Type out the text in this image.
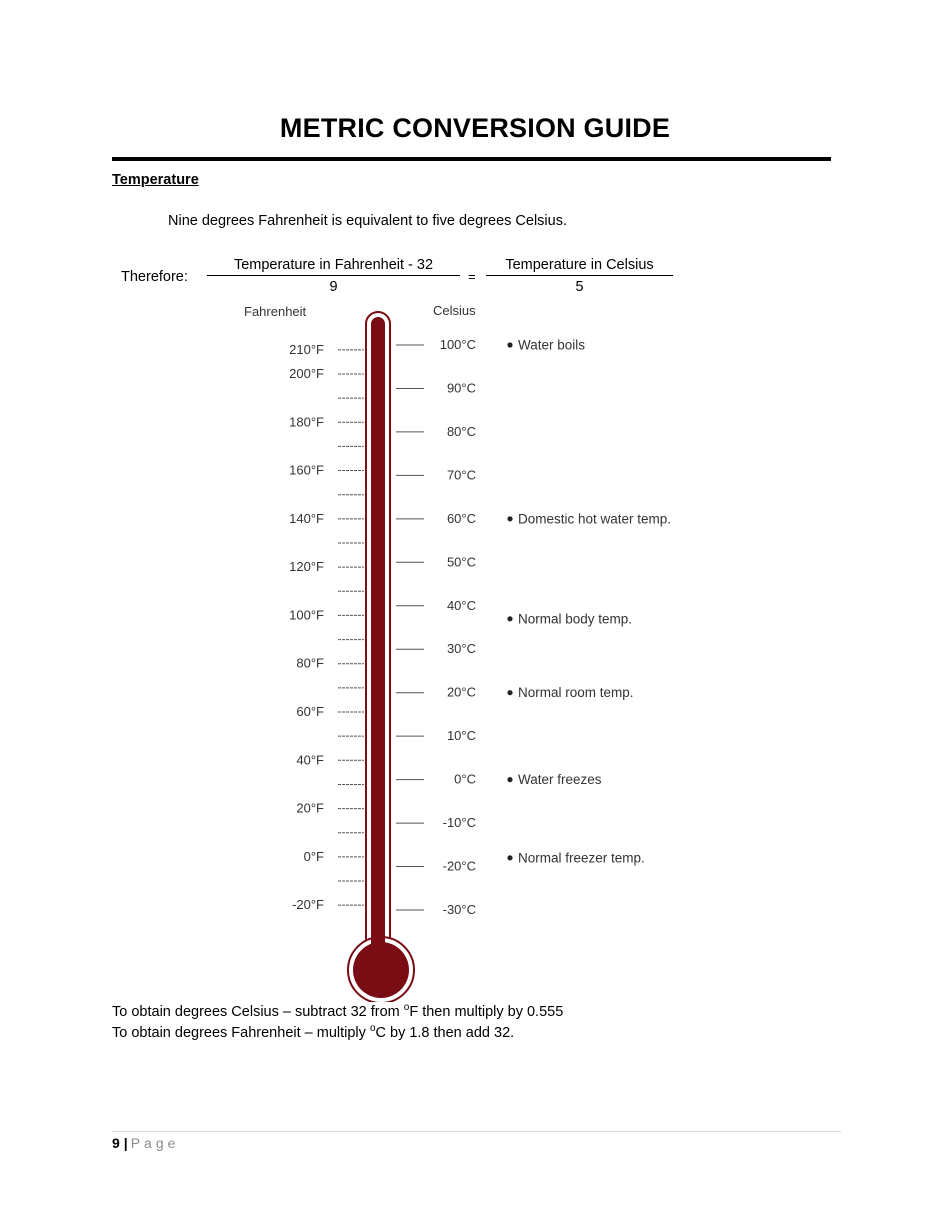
METRIC CONVERSION GUIDE
Temperature
Nine degrees Fahrenheit is equivalent to five degrees Celsius.
Therefore:
Temperature in Fahrenheit - 32
9
=
Temperature in Celsius
5
Fahrenheit	Celsius
210°F
200°F
180°F
160°F
140°F
120°F
100°F
80°F
60°F
40°F
20°F
0°F
-20°F
100°C
90°C
80°C
70°C
60°C
50°C
40°C
30°C
20°C
10°C
0°C
-10°C
-20°C
-30°C
Water boils
Domestic hot water temp.
Normal body temp.
Normal room temp.
Water freezes
Normal freezer temp.
To obtain degrees Celsius – subtract 32 from $^o$F then multiply by 0.555
To obtain degrees Fahrenheit – multiply $^o$C by 1.8 then add 32.
9 | Page
